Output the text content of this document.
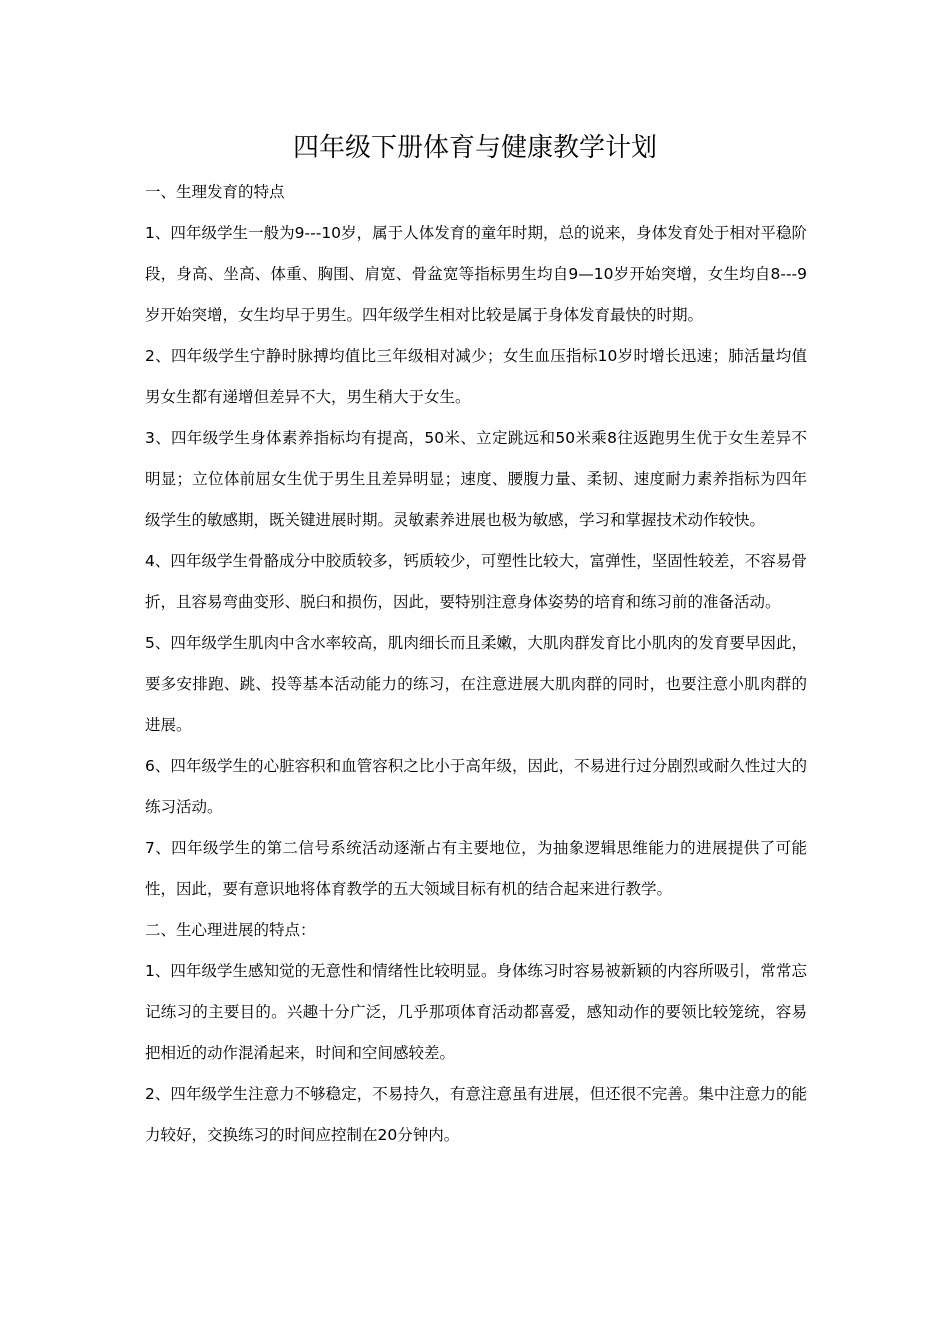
四年级下册体育与健康教学计划

一、生理发育的特点

1、四年级学生一般为9---10岁，属于人体发育的童年时期，总的说来，身体发育处于相对平稳阶段，身高、坐高、体重、胸围、肩宽、骨盆宽等指标男生均自9—10岁开始突增，女生均自8---9岁开始突增，女生均早于男生。四年级学生相对比较是属于身体发育最快的时期。

2、四年级学生宁静时脉搏均值比三年级相对减少；女生血压指标10岁时增长迅速；肺活量均值男女生都有递增但差异不大，男生稍大于女生。

3、四年级学生身体素养指标均有提高，50米、立定跳远和50米乘8往返跑男生优于女生差异不明显；立位体前屈女生优于男生且差异明显；速度、腰腹力量、柔韧、速度耐力素养指标为四年级学生的敏感期，既关键进展时期。灵敏素养进展也极为敏感，学习和掌握技术动作较快。

4、四年级学生骨骼成分中胶质较多，钙质较少，可塑性比较大，富弹性，坚固性较差，不容易骨折，且容易弯曲变形、脱臼和损伤，因此，要特别注意身体姿势的培育和练习前的准备活动。

5、四年级学生肌肉中含水率较高，肌肉细长而且柔嫩，大肌肉群发育比小肌肉的发育要早因此，要多安排跑、跳、投等基本活动能力的练习，在注意进展大肌肉群的同时，也要注意小肌肉群的进展。

6、四年级学生的心脏容积和血管容积之比小于高年级，因此，不易进行过分剧烈或耐久性过大的练习活动。

7、四年级学生的第二信号系统活动逐渐占有主要地位，为抽象逻辑思维能力的进展提供了可能性，因此，要有意识地将体育教学的五大领域目标有机的结合起来进行教学。

二、生心理进展的特点：

1、四年级学生感知觉的无意性和情绪性比较明显。身体练习时容易被新颖的内容所吸引，常常忘记练习的主要目的。兴趣十分广泛，几乎那项体育活动都喜爱，感知动作的要领比较笼统，容易把相近的动作混淆起来，时间和空间感较差。

2、四年级学生注意力不够稳定，不易持久，有意注意虽有进展，但还很不完善。集中注意力的能力较好，交换练习的时间应控制在20分钟内。
